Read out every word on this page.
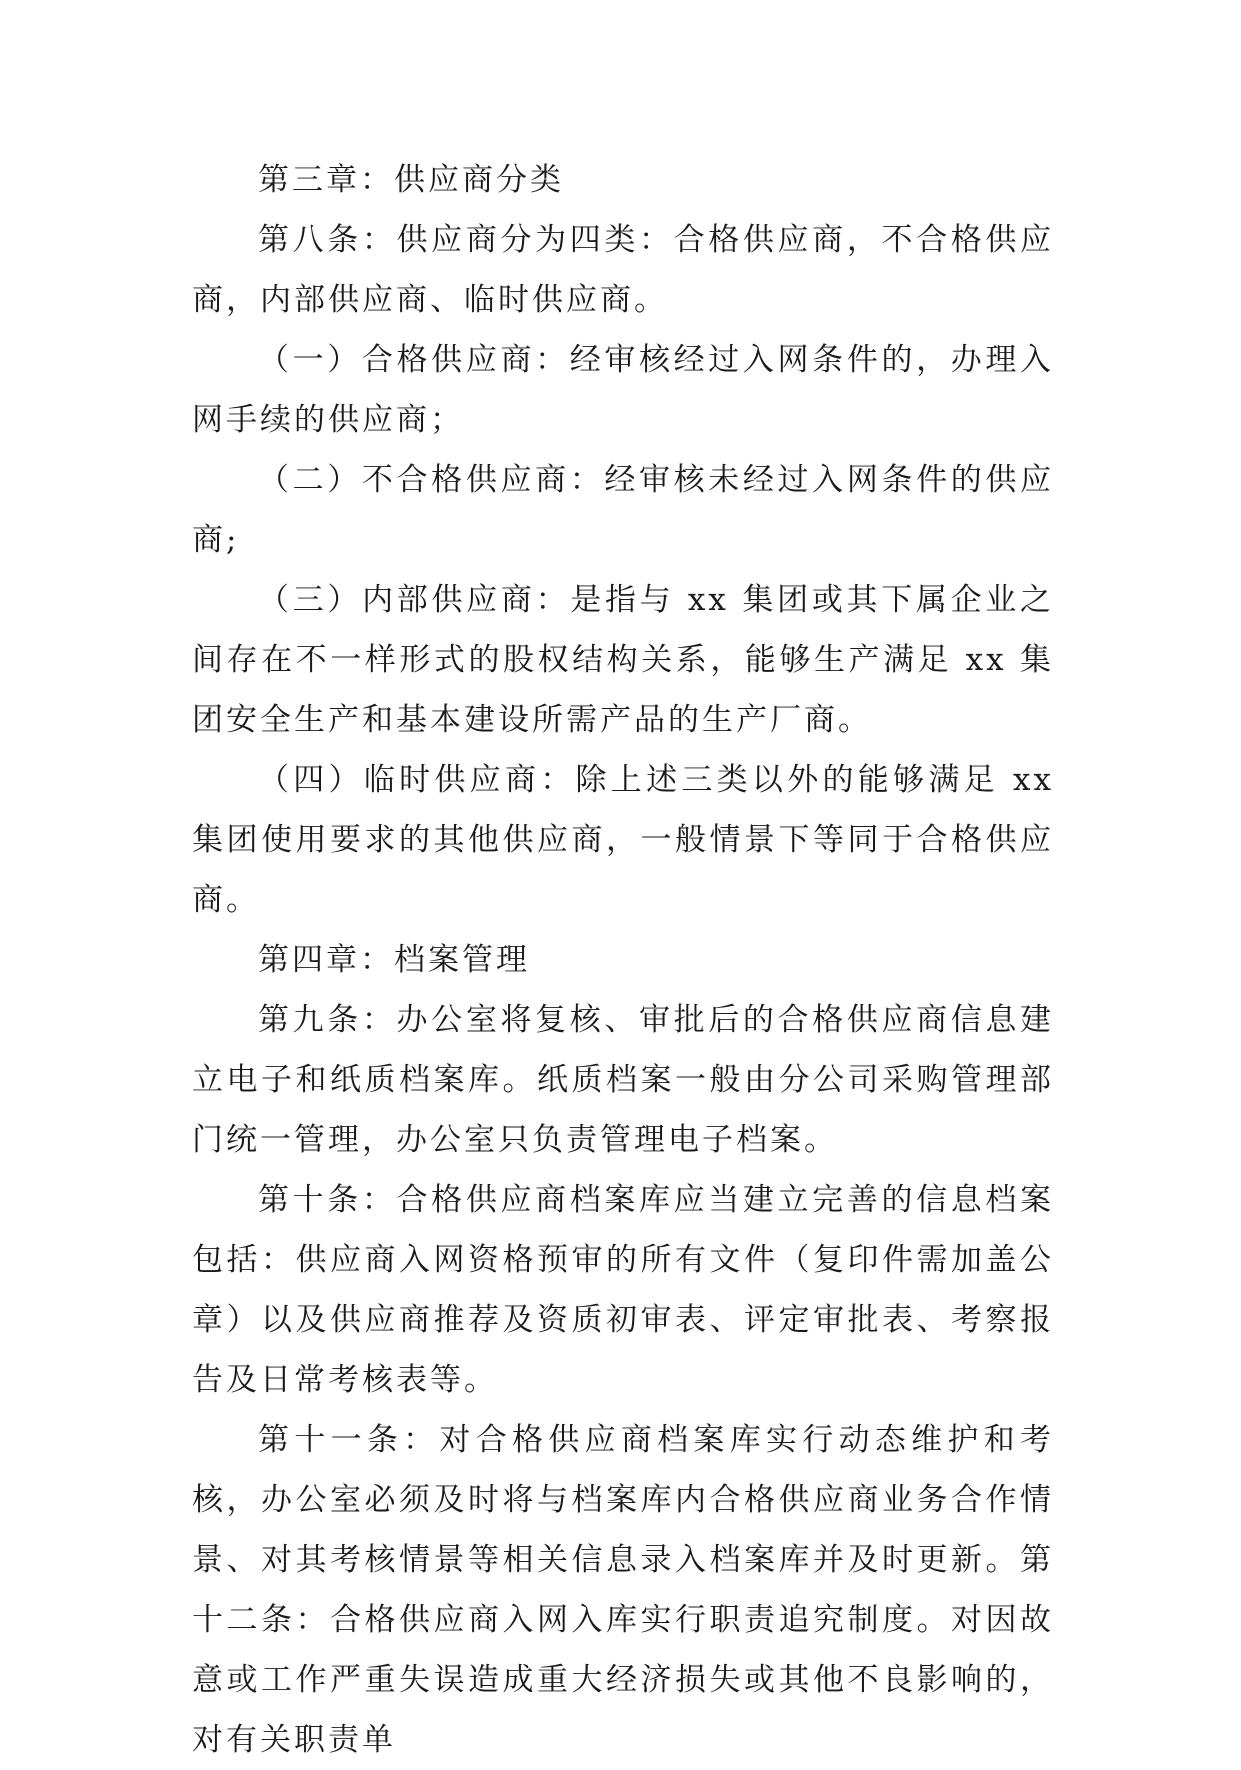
第三章：供应商分类

第八条：供应商分为四类：合格供应商，不合格供应商，内部供应商、临时供应商。

（一）合格供应商：经审核经过入网条件的，办理入网手续的供应商；

（二）不合格供应商：经审核未经过入网条件的供应商;

（三）内部供应商：是指与 xx 集团或其下属企业之间存在不一样形式的股权结构关系，能够生产满足 xx 集团安全生产和基本建设所需产品的生产厂商。

（四）临时供应商：除上述三类以外的能够满足 xx 集团使用要求的其他供应商，一般情景下等同于合格供应商。

第四章：档案管理

第九条：办公室将复核、审批后的合格供应商信息建立电子和纸质档案库。纸质档案一般由分公司采购管理部门统一管理，办公室只负责管理电子档案。

第十条：合格供应商档案库应当建立完善的信息档案包括：供应商入网资格预审的所有文件（复印件需加盖公章）以及供应商推荐及资质初审表、评定审批表、考察报告及日常考核表等。

第十一条：对合格供应商档案库实行动态维护和考核，办公室必须及时将与档案库内合格供应商业务合作情景、对其考核情景等相关信息录入档案库并及时更新。第十二条：合格供应商入网入库实行职责追究制度。对因故意或工作严重失误造成重大经济损失或其他不良影响的，对有关职责单
